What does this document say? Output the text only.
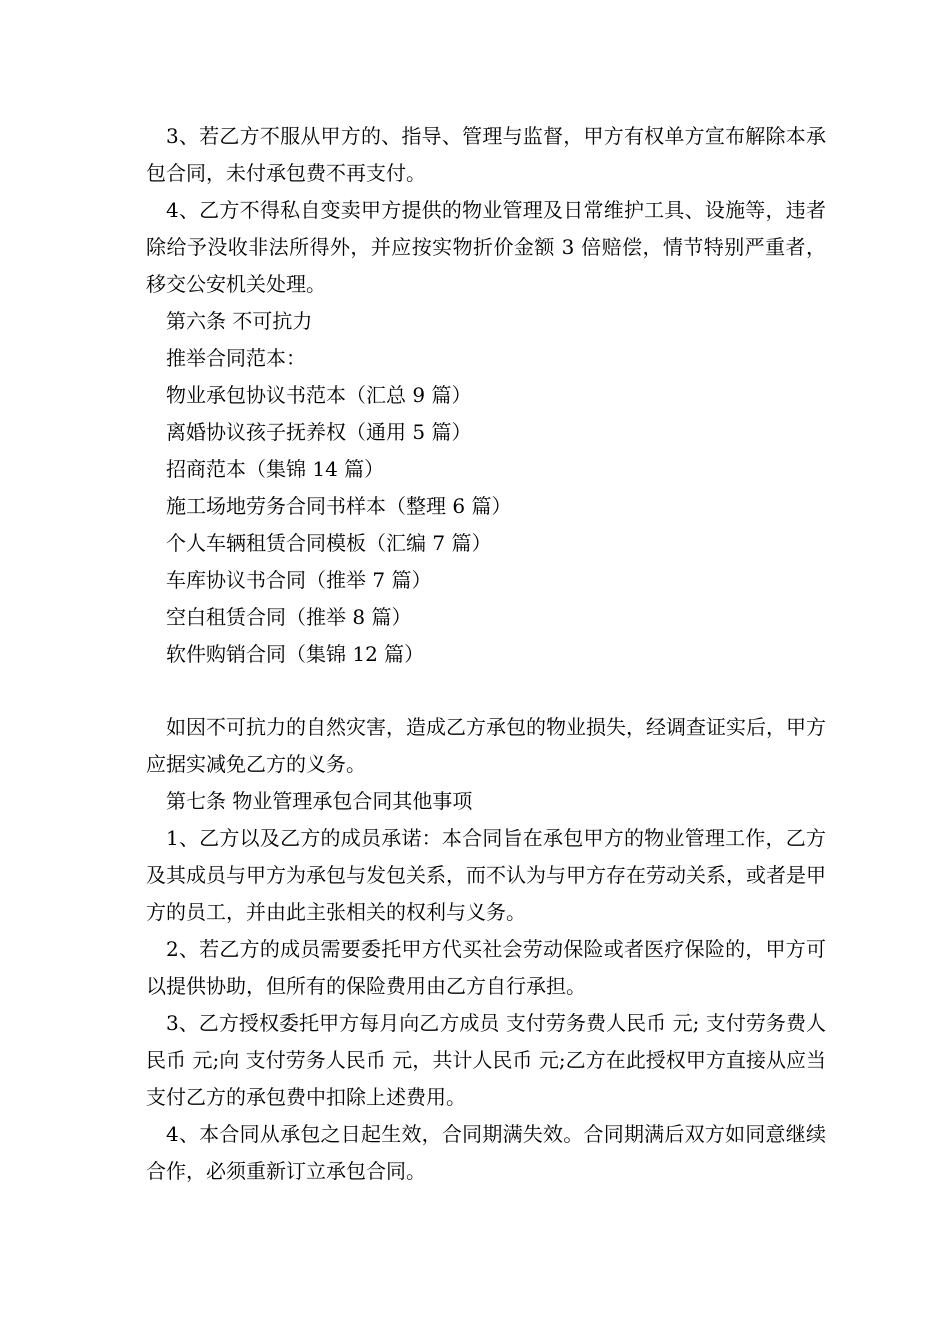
3、若乙方不服从甲方的、指导、管理与监督，甲方有权单方宣布解除本承包合同，未付承包费不再支付。

4、乙方不得私自变卖甲方提供的物业管理及日常维护工具、设施等，违者除给予没收非法所得外，并应按实物折价金额 3 倍赔偿，情节特别严重者，移交公安机关处理。

第六条 不可抗力

推举合同范本：

物业承包协议书范本（汇总 9 篇）

离婚协议孩子抚养权（通用 5 篇）

招商范本（集锦 14 篇）

施工场地劳务合同书样本（整理 6 篇）

个人车辆租赁合同模板（汇编 7 篇）

车库协议书合同（推举 7 篇）

空白租赁合同（推举 8 篇）

软件购销合同（集锦 12 篇）

如因不可抗力的自然灾害，造成乙方承包的物业损失，经调查证实后，甲方应据实减免乙方的义务。

第七条 物业管理承包合同其他事项

1、乙方以及乙方的成员承诺：本合同旨在承包甲方的物业管理工作，乙方及其成员与甲方为承包与发包关系，而不认为与甲方存在劳动关系，或者是甲方的员工，并由此主张相关的权利与义务。

2、若乙方的成员需要委托甲方代买社会劳动保险或者医疗保险的，甲方可以提供协助，但所有的保险费用由乙方自行承担。

3、乙方授权委托甲方每月向乙方成员 支付劳务费人民币 元; 支付劳务费人民币 元;向 支付劳务人民币 元，共计人民币 元;乙方在此授权甲方直接从应当支付乙方的承包费中扣除上述费用。

4、本合同从承包之日起生效，合同期满失效。合同期满后双方如同意继续合作，必须重新订立承包合同。
